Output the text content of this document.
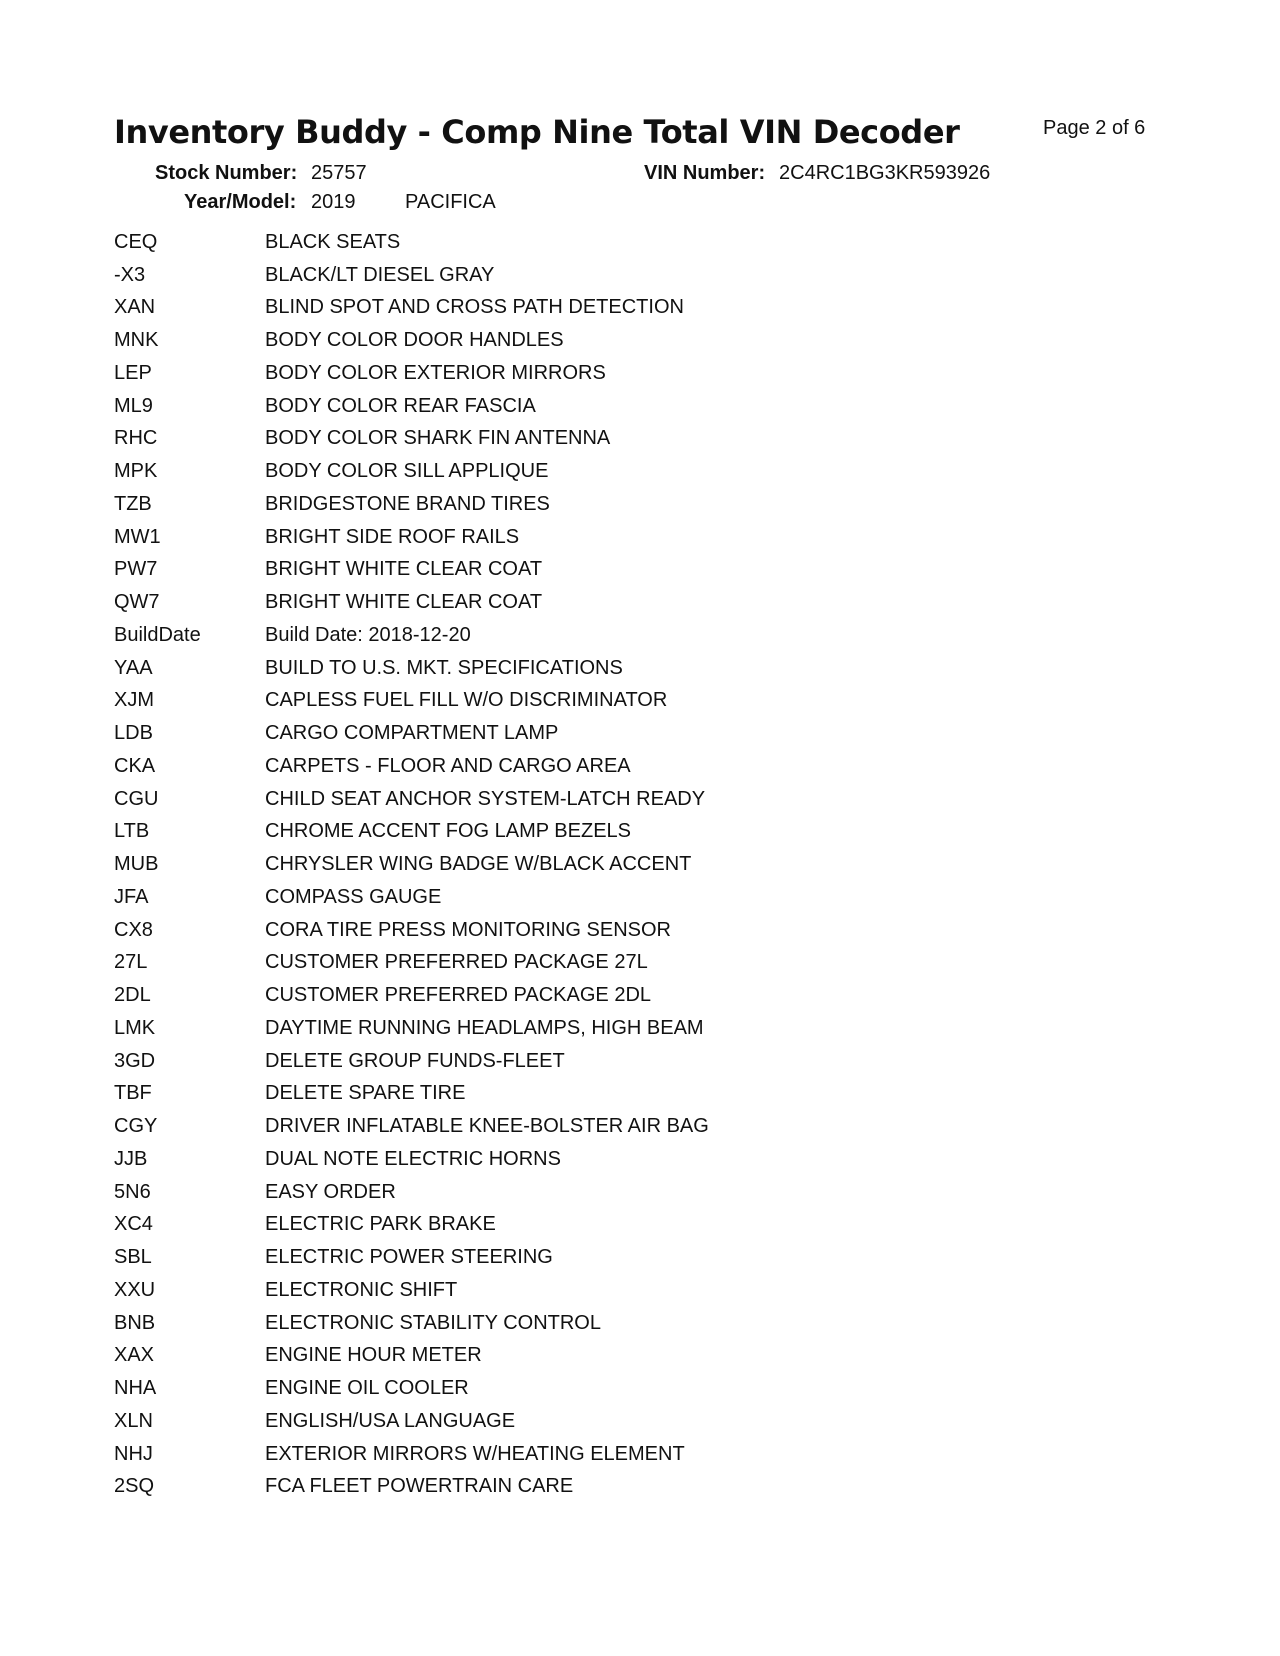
Inventory Buddy - Comp Nine Total VIN Decoder	Page 2 of 6
Stock Number: 25757	VIN Number: 2C4RC1BG3KR593926
Year/Model: 2019 PACIFICA
CEQ	BLACK SEATS
-X3	BLACK/LT DIESEL GRAY
XAN	BLIND SPOT AND CROSS PATH DETECTION
MNK	BODY COLOR DOOR HANDLES
LEP	BODY COLOR EXTERIOR MIRRORS
ML9	BODY COLOR REAR FASCIA
RHC	BODY COLOR SHARK FIN ANTENNA
MPK	BODY COLOR SILL APPLIQUE
TZB	BRIDGESTONE BRAND TIRES
MW1	BRIGHT SIDE ROOF RAILS
PW7	BRIGHT WHITE CLEAR COAT
QW7	BRIGHT WHITE CLEAR COAT
BuildDate	Build Date: 2018-12-20
YAA	BUILD TO U.S. MKT. SPECIFICATIONS
XJM	CAPLESS FUEL FILL W/O DISCRIMINATOR
LDB	CARGO COMPARTMENT LAMP
CKA	CARPETS - FLOOR AND CARGO AREA
CGU	CHILD SEAT ANCHOR SYSTEM-LATCH READY
LTB	CHROME ACCENT FOG LAMP BEZELS
MUB	CHRYSLER WING BADGE W/BLACK ACCENT
JFA	COMPASS GAUGE
CX8	CORA TIRE PRESS MONITORING SENSOR
27L	CUSTOMER PREFERRED PACKAGE 27L
2DL	CUSTOMER PREFERRED PACKAGE 2DL
LMK	DAYTIME RUNNING HEADLAMPS, HIGH BEAM
3GD	DELETE GROUP FUNDS-FLEET
TBF	DELETE SPARE TIRE
CGY	DRIVER INFLATABLE KNEE-BOLSTER AIR BAG
JJB	DUAL NOTE ELECTRIC HORNS
5N6	EASY ORDER
XC4	ELECTRIC PARK BRAKE
SBL	ELECTRIC POWER STEERING
XXU	ELECTRONIC SHIFT
BNB	ELECTRONIC STABILITY CONTROL
XAX	ENGINE HOUR METER
NHA	ENGINE OIL COOLER
XLN	ENGLISH/USA LANGUAGE
NHJ	EXTERIOR MIRRORS W/HEATING ELEMENT
2SQ	FCA FLEET POWERTRAIN CARE
